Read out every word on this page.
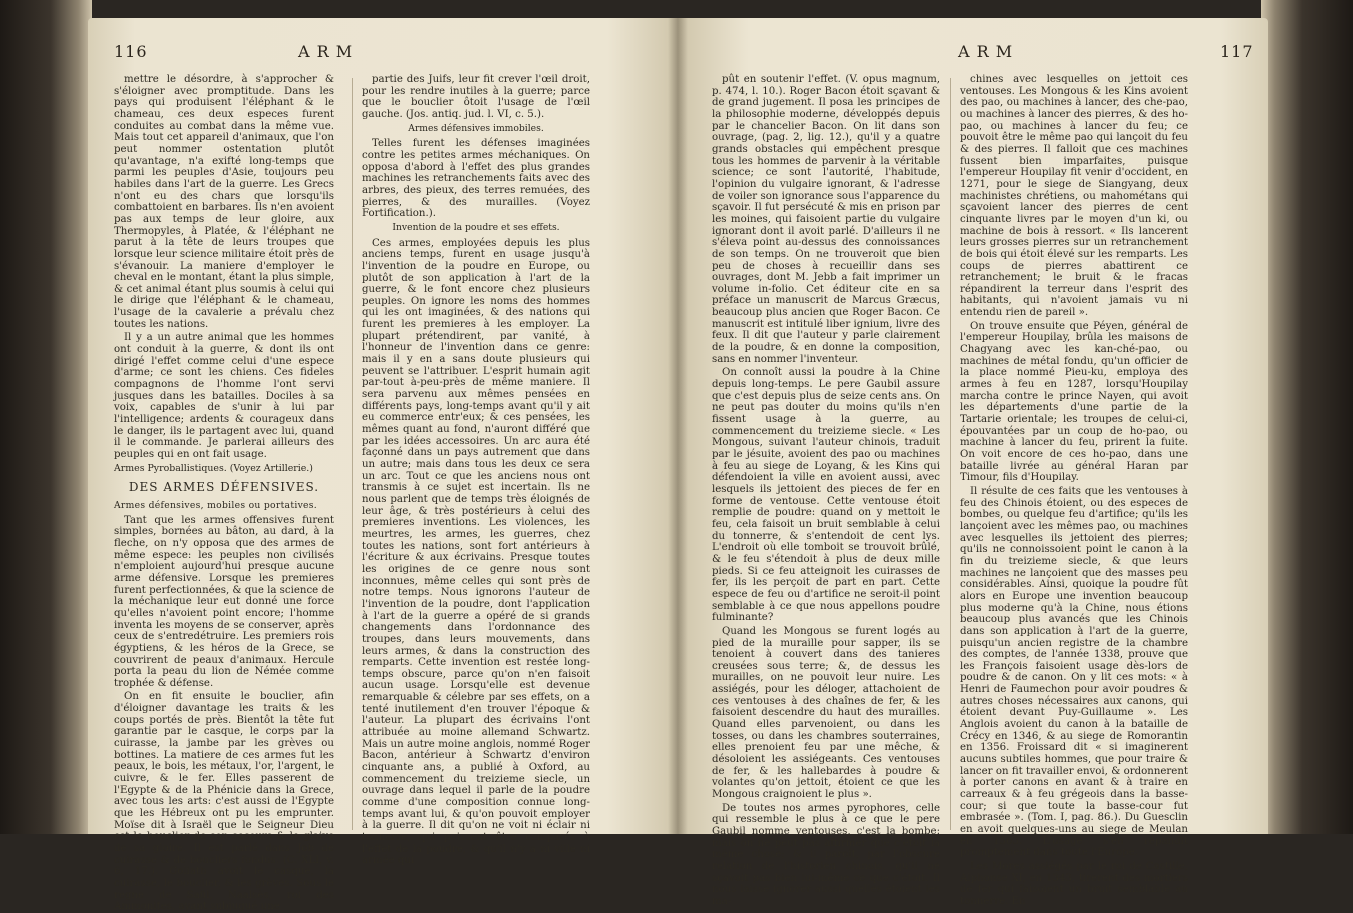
116	A R M

mettre le désordre, à s'approcher & s'éloigner avec promptitude. Dans les pays qui produisent l'éléphant & le chameau, ces deux especes furent conduites au combat dans la même vue. Mais tout cet appareil d'animaux, que l'on peut nommer ostentation plutôt qu'avantage, n'a exifté long-temps que parmi les peuples d'Asie, toujours peu habiles dans l'art de la guerre. Les Grecs n'ont eu des chars que lorsqu'ils combattoient en barbares. Ils n'en avoient pas aux temps de leur gloire, aux Thermopyles, à Platée, & l'éléphant ne parut à la tête de leurs troupes que lorsque leur science militaire étoit près de s'évanouir. La maniere d'employer le cheval en le montant, étant la plus simple, & cet animal étant plus soumis à celui qui le dirige que l'éléphant & le chameau, l'usage de la cavalerie a prévalu chez toutes les nations.

Il y a un autre animal que les hommes ont conduit à la guerre, & dont ils ont dirigé l'effet comme celui d'une espece d'arme; ce sont les chiens. Ces fideles compagnons de l'homme l'ont servi jusques dans les batailles. Dociles à sa voix, capables de s'unir à lui par l'intelligence; ardents & courageux dans le danger, ils le partagent avec lui, quand il le commande. Je parlerai ailleurs des peuples qui en ont fait usage.

Armes Pyroballistiques. (Voyez Artillerie.)

DES ARMES DÉFENSIVES.

Armes défensives, mobiles ou portatives.

Tant que les armes offensives furent simples, bornées au bâton, au dard, à la fleche, on n'y opposa que des armes de même espece: les peuples non civilisés n'emploient aujourd'hui presque aucune arme défensive. Lorsque les premieres furent perfectionnées, & que la science de la méchanique leur eut donné une force qu'elles n'avoient point encore; l'homme inventa les moyens de se conserver, après ceux de s'entredétruire. Les premiers rois égyptiens, & les héros de la Grece, se couvrirent de peaux d'animaux. Hercule porta la peau du lion de Némée comme trophée & défense.

On en fit ensuite le bouclier, afin d'éloigner davantage les traits & les coups portés de près. Bientôt la tête fut garantie par le casque, le corps par la cuirasse, la jambe par les grèves ou bottines. La matiere de ces armes fut les peaux, le bois, les métaux, l'or, l'argent, le cuivre, & le fer. Elles passerent de l'Egypte & de la Phénicie dans la Grece, avec tous les arts: c'est aussi de l'Egypte que les Hébreux ont pu les emprunter. Moïse dit à Israël que le Seigneur Dieu est le bouclier de son secours & le glaive de sa gloire. Il est parlé dans Job de cuirasse & de boucliers fondus. (C. XLI, v. 6, 17.). Goliath avoit le casque, la cuirasse, le bouclier, & les grèves. Sous le regne de Saül, Naalsès, roi des Ammonites, ayant subjugué une

partie des Juifs, leur fit crever l'œil droit, pour les rendre inutiles à la guerre; parce que le bouclier ôtoit l'usage de l'œil gauche. (Jos. antiq. jud. l. VI, c. 5.).

Armes défensives immobiles.

Telles furent les défenses imaginées contre les petites armes méchaniques. On opposa d'abord à l'effet des plus grandes machines les retranchements faits avec des arbres, des pieux, des terres remuées, des pierres, & des murailles. (Voyez Fortification.).

Invention de la poudre et ses effets.

Ces armes, employées depuis les plus anciens temps, furent en usage jusqu'à l'invention de la poudre en Europe, ou plutôt de son application à l'art de la guerre, & le font encore chez plusieurs peuples. On ignore les noms des hommes qui les ont imaginées, & des nations qui furent les premieres à les employer. La plupart prétendirent, par vanité, à l'honneur de l'invention dans ce genre: mais il y en a sans doute plusieurs qui peuvent se l'attribuer. L'esprit humain agit par-tout à-peu-près de même maniere. Il sera parvenu aux mêmes pensées en différents pays, long-temps avant qu'il y ait eu commerce entr'eux; & ces pensées, les mêmes quant au fond, n'auront différé que par les idées accessoires. Un arc aura été façonné dans un pays autrement que dans un autre; mais dans tous les deux ce sera un arc. Tout ce que les anciens nous ont transmis à ce sujet est incertain. Ils ne nous parlent que de temps très éloignés de leur âge, & très postérieurs à celui des premieres inventions. Les violences, les meurtres, les armes, les guerres, chez toutes les nations, sont fort antérieurs à l'écriture & aux écrivains. Presque toutes les origines de ce genre nous sont inconnues, même celles qui sont près de notre temps. Nous ignorons l'auteur de l'invention de la poudre, dont l'application à l'art de la guerre a opéré de si grands changements dans l'ordonnance des troupes, dans leurs mouvements, dans leurs armes, & dans la construction des remparts. Cette invention est restée long-temps obscure, parce qu'on n'en faisoit aucun usage. Lorsqu'elle est devenue remarquable & célebre par ses effets, on a tenté inutilement d'en trouver l'époque & l'auteur. La plupart des écrivains l'ont attribuée au moine allemand Schwartz. Mais un autre moine anglois, nommé Roger Bacon, antérieur à Schwartz d'environ cinquante ans, a publié à Oxford, au commencement du treizieme siecle, un ouvrage dans lequel il parle de la poudre comme d'une composition connue long-temps avant lui, & qu'on pouvoit employer à la guerre. Il dit qu'on ne voit ni éclair ni tonnerre, qui puissent être comparés à l'effet de la poudre, & qu'il n'y a ni ville ni armée qui

A R M	117

pût en soutenir l'effet. (V. opus magnum, p. 474, l. 10.). Roger Bacon étoit sçavant & de grand jugement. Il posa les principes de la philosophie moderne, développés depuis par le chancelier Bacon. On lit dans son ouvrage, (pag. 2, lig. 12.), qu'il y a quatre grands obstacles qui empêchent presque tous les hommes de parvenir à la véritable science; ce sont l'autorité, l'habitude, l'opinion du vulgaire ignorant, & l'adresse de voiler son ignorance sous l'apparence du sçavoir. Il fut persécuté & mis en prison par les moines, qui faisoient partie du vulgaire ignorant dont il avoit parlé. D'ailleurs il ne s'éleva point au-dessus des connoissances de son temps. On ne trouveroit que bien peu de choses à recueillir dans ses ouvrages, dont M. Jebb a fait imprimer un volume in-folio. Cet éditeur cite en sa préface un manuscrit de Marcus Græcus, beaucoup plus ancien que Roger Bacon. Ce manuscrit est intitulé liber ignium, livre des feux. Il dit que l'auteur y parle clairement de la poudre, & en donne la composition, sans en nommer l'inventeur.

On connoît aussi la poudre à la Chine depuis long-temps. Le pere Gaubil assure que c'est depuis plus de seize cents ans. On ne peut pas douter du moins qu'ils n'en fissent usage à la guerre, au commencement du treizieme siecle. « Les Mongous, suivant l'auteur chinois, traduit par le jésuite, avoient des pao ou machines à feu au siege de Loyang, & les Kins qui défendoient la ville en avoient aussi, avec lesquels ils jettoient des pieces de fer en forme de ventouse. Cette ventouse étoit remplie de poudre: quand on y mettoit le feu, cela faisoit un bruit semblable à celui du tonnerre, & s'entendoit de cent lys. L'endroit où elle tomboit se trouvoit brûlé, & le feu s'étendoit à plus de deux mille pieds. Si ce feu atteignoit les cuirasses de fer, ils les perçoit de part en part. Cette espece de feu ou d'artifice ne seroit-il point semblable à ce que nous appellons poudre fulminante?

Quand les Mongous se furent logés au pied de la muraille pour sapper, ils se tenoient à couvert dans des tanieres creusées sous terre; &, de dessus les murailles, on ne pouvoit leur nuire. Les assiégés, pour les déloger, attachoient de ces ventouses à des chaînes de fer, & les faisoient descendre du haut des murailles. Quand elles parvenoient, ou dans les tosses, ou dans les chambres souterraines, elles prenoient feu par une mêche, & désoloient les assiégeants. Ces ventouses de fer, & les hallebardes à poudre & volantes qu'on jettoit, étoient ce que les Mongous craignoient le plus ».

De toutes nos armes pyrophores, celle qui ressemble le plus à ce que le pere Gaubil nomme ventouses, c'est la bombe: mais on ne peut pas affirmer que c'étoit la même chose; & il paroît, par l'obscure relation de l'historien chinois, qu'il ne sçavoit pas bien lui-même ce que c'étoit. Il nous laisse ignorer aussi quelles étoient les ma-

chines avec lesquelles on jettoit ces ventouses. Les Mongous & les Kins avoient des pao, ou machines à lancer, des che-pao, ou machines à lancer des pierres, & des ho-pao, ou machines à lancer du feu; ce pouvoit être le même pao qui lançoit du feu & des pierres. Il falloit que ces machines fussent bien imparfaites, puisque l'empereur Houpilay fit venir d'occident, en 1271, pour le siege de Siangyang, deux machinistes chrétiens, ou mahométans qui sçavoient lancer des pierres de cent cinquante livres par le moyen d'un ki, ou machine de bois à ressort. « Ils lancerent leurs grosses pierres sur un retranchement de bois qui étoit élevé sur les remparts. Les coups de pierres abattirent ce retranchement; le bruit & le fracas répandirent la terreur dans l'esprit des habitants, qui n'avoient jamais vu ni entendu rien de pareil ».

On trouve ensuite que Péyen, général de l'empereur Houpilay, brûla les maisons de Chagyang avec les kan-ché-pao, ou machines de métal fondu, qu'un officier de la place nommé Pieu-ku, employa des armes à feu en 1287, lorsqu'Houpilay marcha contre le prince Nayen, qui avoit les départements d'une partie de la Tartarie orientale; les troupes de celui-ci, épouvantées par un coup de ho-pao, ou machine à lancer du feu, prirent la fuite. On voit encore de ces ho-pao, dans une bataille livrée au général Haran par Timour, fils d'Houpilay.

Il résulte de ces faits que les ventouses à feu des Chinois étoient, ou des especes de bombes, ou quelque feu d'artifice; qu'ils les lançoient avec les mêmes pao, ou machines avec lesquelles ils jettoient des pierres; qu'ils ne connoissoient point le canon à la fin du treizieme siecle, & que leurs machines ne lançoient que des masses peu considérables. Ainsi, quoique la poudre fût alors en Europe une invention beaucoup plus moderne qu'à la Chine, nous étions beaucoup plus avancés que les Chinois dans son application à l'art de la guerre, puisqu'un ancien registre de la chambre des comptes, de l'année 1338, prouve que les François faisoient usage dès-lors de poudre & de canon. On y lit ces mots: « à Henri de Faumechon pour avoir poudres & autres choses nécessaires aux canons, qui étoient devant Puy-Guillaume ». Les Anglois avoient du canon à la bataille de Crécy en 1346, & au siege de Romorantin en 1356. Froissard dit « si imaginerent aucuns subtiles hommes, que pour traire & lancer on fit travailler envoi, & ordonnerent à porter canons en avant & à traire en carreaux & à feu grégeois dans la basse-cour; si que toute la basse-cour fut embrasée ». (Tom. I, pag. 86.). Du Guesclin en avoit quelques-uns au siege de Meulan en 1363. L'usage s'en répandit promptement dans toute l'Europe.

Les Mores assiégés par le roi de Castille, Alphonse XI, en 1343, tirerent des mortiers de fer qui faisoient un bruit semblable au tonnerre. En
